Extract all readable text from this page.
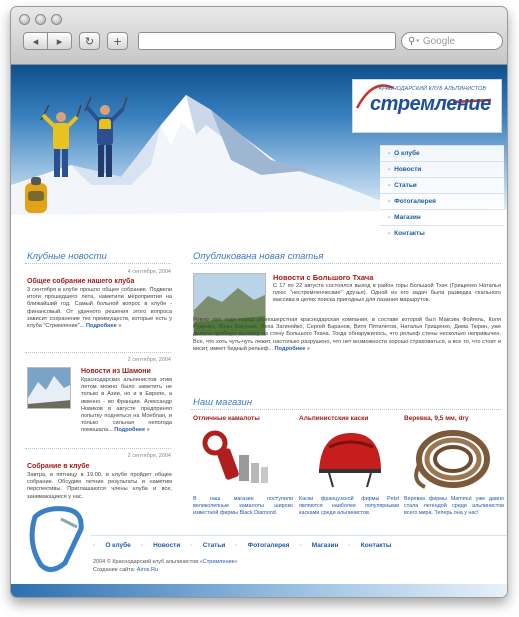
◂ ▸ ↻ +	⚲ ▾ Google
КРАСНОДАРСКИЙ КЛУБ АЛЬПИНИСТОВ
стремление
▪ О клубе
▪ Новости
▪ Статьи
▪ Фотогалерея
▪ Магазин
▪ Контакты
Клубные новости
4 сентября, 2004
Общее собрание нашего клуба
3 сентября в клубе прошло общее собрание. Подвели итоги прошедшего лета, наметили мероприятия на ближайший год. Самый больной вопрос в клубе - финансовый. От удачного решения этого вопроса зависит сохранение тех преимуществ, которые есть у клуба "Стремление"... Подробнее »
2 сентября, 2004
Новости из Шамони
Краснодарских альпинистов этим летом можно было заметить не только в Азии, но и в Европе, а именно - во Франции. Александр Новиков в августе предпринял попытку подняться на Монблан, и только сильная непогода помешала... Подробнее »
2 сентября, 2004
Собрание в клубе
Завтра, в пятницу в 19.00, в клубе пройдет общее собрание. Обсудим летние результаты и наметим перспективы. Приглашаются члены клуба и все, занимающиеся у нас.
Опубликована новая статья
Новости с Большого Тхача
С 17 по 22 августа состоялся выход в район горы Большой Тхач (Грищенко Наталья плюс "нестремленческие" друзья). Одной из его задач была разведка скального массива в целях поиска пригодных для лазания маршрутов.
Ровно два года назад разношерстная краснодарская компания, в составе которой был Максим Фойгель, Коля Руденко, Жека Васенев, Леха Загиняйко, Сергей Баранов, Витя Пятилетов, Наталья Грищенко, Дима Тюрин, уже делала пробную вылазку на стену Большого Тхача. Тогда обнаружилось, что рельеф стены несколько непривычен. Все, что хоть чуть-чуть лежит, настолько разрушено, что нет возможности хорошо страховаться, а все то, что стоит и висит, имеет бедный рельеф... Подробнее »
Наш магазин
Отличные камалоты
В наш магазин поступили великолепные камалоты широко известной фирмы Black Diamond.
Альпинистские каски
Каски французской фирмы Petzl являются наиболее популярными касками среди альпинистов.
Веревка, 9,5 мм, dry
Веревка фирмы Mammut уже давно стала легендой среди альпинистов всего мира. Теперь она у нас!
◦ О клубе ◦ Новости ◦ Статьи ◦ Фотогалерея ◦ Магазин ◦ Контакты
2004 © Краснодарский клуб альпинистов «Стремление»
Создание сайта: Aiгos.Ru
